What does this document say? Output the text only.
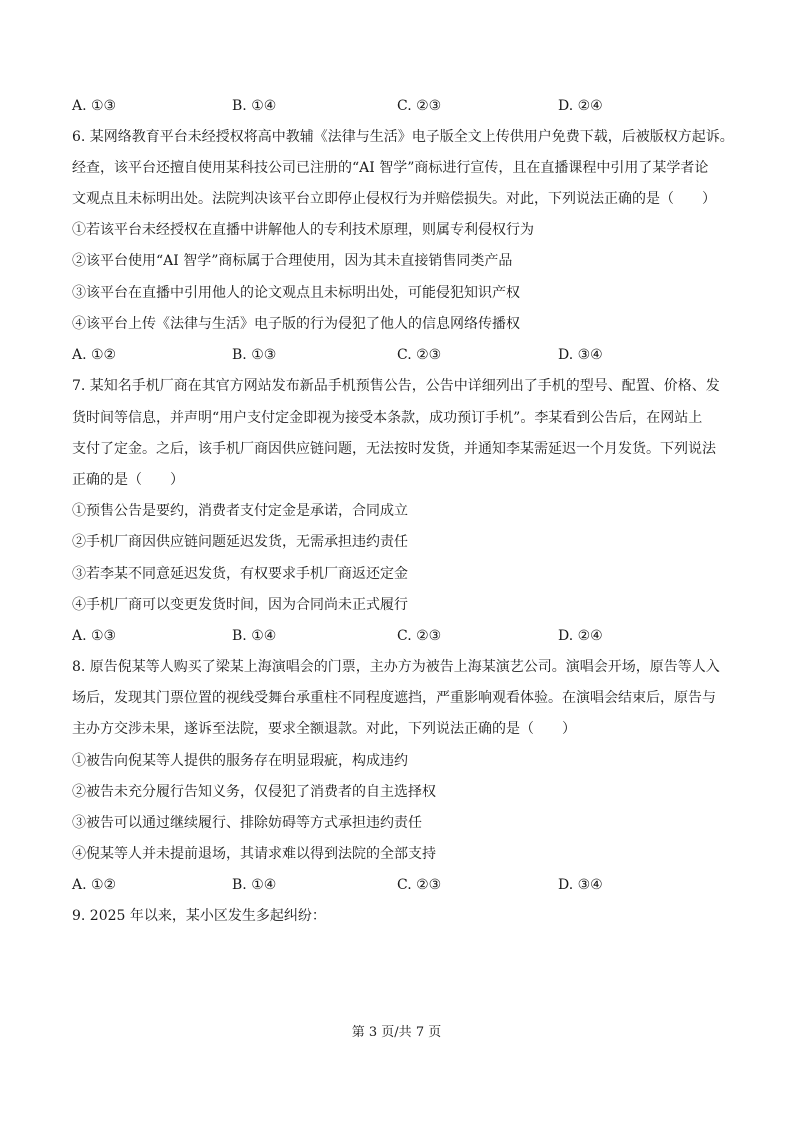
A. ①③	B. ①④	C. ②③	D. ②④
6. 某网络教育平台未经授权将高中教辅《法律与生活》电子版全文上传供用户免费下载，后被版权方起诉。
经查，该平台还擅自使用某科技公司已注册的“AI 智学”商标进行宣传，且在直播课程中引用了某学者论
文观点且未标明出处。法院判决该平台立即停止侵权行为并赔偿损失。对此，下列说法正确的是（　　）
①若该平台未经授权在直播中讲解他人的专利技术原理，则属专利侵权行为
②该平台使用“AI 智学”商标属于合理使用，因为其未直接销售同类产品
③该平台在直播中引用他人的论文观点且未标明出处，可能侵犯知识产权
④该平台上传《法律与生活》电子版的行为侵犯了他人的信息网络传播权
A. ①②	B. ①③	C. ②③	D. ③④
7. 某知名手机厂商在其官方网站发布新品手机预售公告，公告中详细列出了手机的型号、配置、价格、发
货时间等信息，并声明“用户支付定金即视为接受本条款，成功预订手机”。李某看到公告后，在网站上
支付了定金。之后，该手机厂商因供应链问题，无法按时发货，并通知李某需延迟一个月发货。下列说法
正确的是（　　）
①预售公告是要约，消费者支付定金是承诺，合同成立
②手机厂商因供应链问题延迟发货，无需承担违约责任
③若李某不同意延迟发货，有权要求手机厂商返还定金
④手机厂商可以变更发货时间，因为合同尚未正式履行
A. ①③	B. ①④	C. ②③	D. ②④
8. 原告倪某等人购买了梁某上海演唱会的门票，主办方为被告上海某演艺公司。演唱会开场，原告等人入
场后，发现其门票位置的视线受舞台承重柱不同程度遮挡，严重影响观看体验。在演唱会结束后，原告与
主办方交涉未果，遂诉至法院，要求全额退款。对此，下列说法正确的是（　　）
①被告向倪某等人提供的服务存在明显瑕疵，构成违约
②被告未充分履行告知义务，仅侵犯了消费者的自主选择权
③被告可以通过继续履行、排除妨碍等方式承担违约责任
④倪某等人并未提前退场，其请求难以得到法院的全部支持
A. ①②	B. ①④	C. ②③	D. ③④
9. 2025 年以来，某小区发生多起纠纷：
第 3 页/共 7 页
